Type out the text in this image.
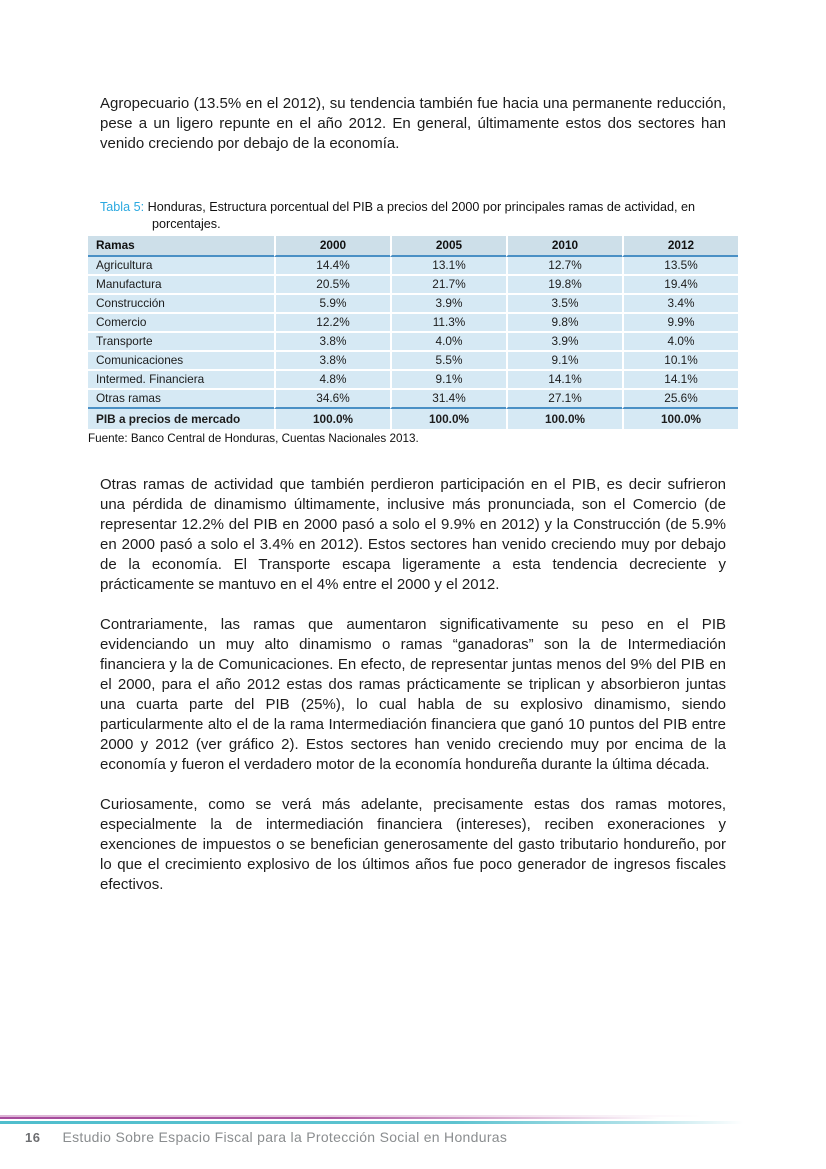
Agropecuario (13.5% en el 2012), su tendencia también fue hacia una permanente reducción, pese a un ligero repunte en el año 2012. En general, últimamente estos dos sectores han venido creciendo por debajo de la economía.

Tabla 5: Honduras, Estructura porcentual del PIB a precios del 2000 por principales ramas de actividad, en porcentajes.
Ramas	2000	2005	2010	2012
Agricultura	14.4%	13.1%	12.7%	13.5%
Manufactura	20.5%	21.7%	19.8%	19.4%
Construcción	5.9%	3.9%	3.5%	3.4%
Comercio	12.2%	11.3%	9.8%	9.9%
Transporte	3.8%	4.0%	3.9%	4.0%
Comunicaciones	3.8%	5.5%	9.1%	10.1%
Intermed. Financiera	4.8%	9.1%	14.1%	14.1%
Otras ramas	34.6%	31.4%	27.1%	25.6%
PIB a precios de mercado	100.0%	100.0%	100.0%	100.0%
Fuente: Banco Central de Honduras, Cuentas Nacionales 2013.

Otras ramas de actividad que también perdieron participación en el PIB, es decir sufrieron una pérdida de dinamismo últimamente, inclusive más pronunciada, son el Comercio (de representar 12.2% del PIB en 2000 pasó a solo el 9.9% en 2012) y la Construcción (de 5.9% en 2000 pasó a solo el 3.4% en 2012). Estos sectores han venido creciendo muy por debajo de la economía. El Transporte escapa ligeramente a esta tendencia decreciente y prácticamente se mantuvo en el 4% entre el 2000 y el 2012.

Contrariamente, las ramas que aumentaron significativamente su peso en el PIB evidenciando un muy alto dinamismo o ramas “ganadoras” son la de Intermediación financiera y la de Comunicaciones. En efecto, de representar juntas menos del 9% del PIB en el 2000, para el año 2012 estas dos ramas prácticamente se triplican y absorbieron juntas una cuarta parte del PIB (25%), lo cual habla de su explosivo dinamismo, siendo particularmente alto el de la rama Intermediación financiera que ganó 10 puntos del PIB entre 2000 y 2012 (ver gráfico 2). Estos sectores han venido creciendo muy por encima de la economía y fueron el verdadero motor de la economía hondureña durante la última década.

Curiosamente, como se verá más adelante, precisamente estas dos ramas motores, especialmente la de intermediación financiera (intereses), reciben exoneraciones y exenciones de impuestos o se benefician generosamente del gasto tributario hondureño, por lo que el crecimiento explosivo de los últimos años fue poco generador de ingresos fiscales efectivos.

16 Estudio Sobre Espacio Fiscal para la Protección Social en Honduras
